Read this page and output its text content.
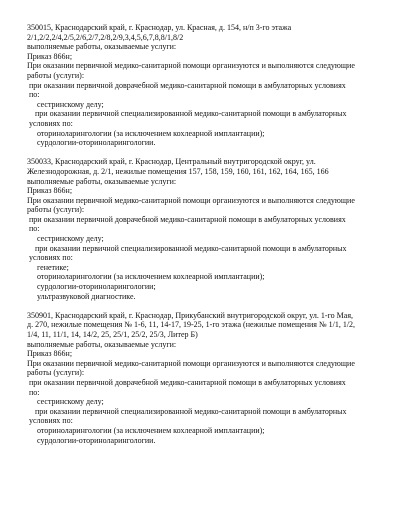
350015, Краснодарский край, г. Краснодар, ул. Красная, д. 154, н/п 3-го этажа
2/1,2/2,2/4,2/5,2/6,2/7,2/8,2/9,3,4,5,6,7,8,8/1,8/2
выполняемые работы, оказываемые услуги:
Приказ 866н;
При оказании первичной медико-санитарной помощи организуются и выполняются следующие
работы (услуги):
при оказании первичной доврачебной медико-санитарной помощи в амбулаторных условиях
по:
сестринскому делу;
при оказании первичной специализированной медико-санитарной помощи в амбулаторных
условиях по:
оториноларингологии (за исключением кохлеарной имплантации);
сурдологии-оториноларингологии.
350033, Краснодарский край, г. Краснодар, Центральный внутригородской округ, ул.
Железнодорожная, д. 2/1, нежилые помещения 157, 158, 159, 160, 161, 162, 164, 165, 166
выполняемые работы, оказываемые услуги:
Приказ 866н;
При оказании первичной медико-санитарной помощи организуются и выполняются следующие
работы (услуги):
при оказании первичной доврачебной медико-санитарной помощи в амбулаторных условиях
по:
сестринскому делу;
при оказании первичной специализированной медико-санитарной помощи в амбулаторных
условиях по:
генетике;
оториноларингологии (за исключением кохлеарной имплантации);
сурдологии-оториноларингологии;
ультразвуковой диагностике.
350901, Краснодарский край, г. Краснодар, Прикубанский внутригородской округ, ул. 1-го Мая,
д. 270, нежилые помещения № 1-6, 11, 14-17, 19-25, 1-го этажа (нежилые помещения № 1/1, 1/2,
1/4, 11, 11/1, 14, 14/2, 25, 25/1, 25/2, 25/3, Литер Б)
выполняемые работы, оказываемые услуги:
Приказ 866н;
При оказании первичной медико-санитарной помощи организуются и выполняются следующие
работы (услуги):
при оказании первичной доврачебной медико-санитарной помощи в амбулаторных условиях
по:
сестринскому делу;
при оказании первичной специализированной медико-санитарной помощи в амбулаторных
условиях по:
оториноларингологии (за исключением кохлеарной имплантации);
сурдологии-оториноларингологии.
